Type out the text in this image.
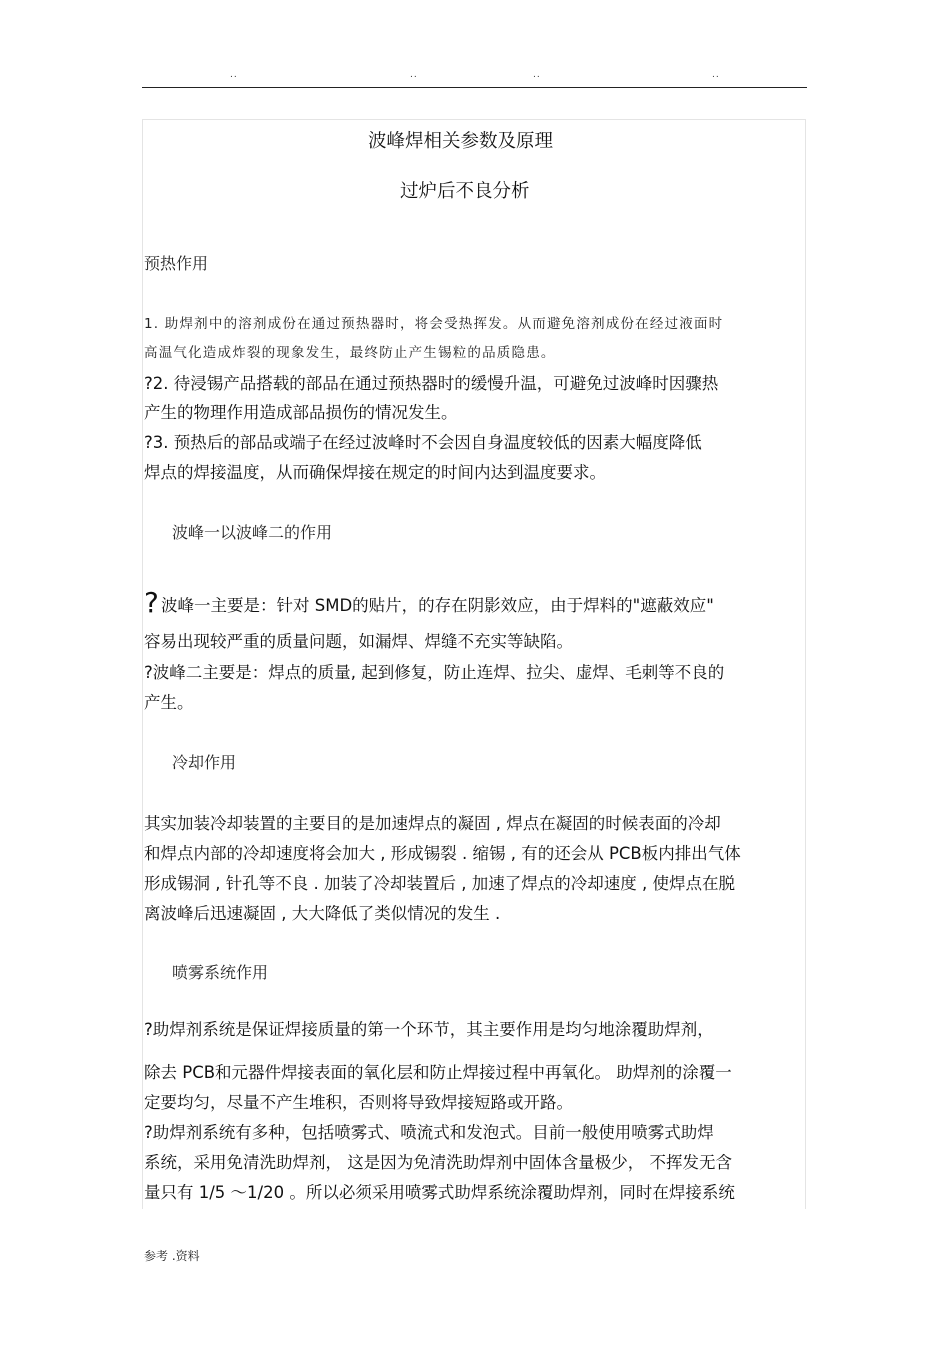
..	..	..	..
波峰焊相关参数及原理
过炉后不良分析
预热作用
1. 助焊剂中的溶剂成份在通过预热器时，将会受热挥发。从而避免溶剂成份在经过液面时
高温气化造成炸裂的现象发生，最终防止产生锡粒的品质隐患。
?2. 待浸锡产品搭载的部品在通过预热器时的缓慢升温，可避免过波峰时因骤热
产生的物理作用造成部品损伤的情况发生。
?3. 预热后的部品或端子在经过波峰时不会因自身温度较低的因素大幅度降低
焊点的焊接温度，从而确保焊接在规定的时间内达到温度要求。
波峰一以波峰二的作用
? 波峰一主要是：针对 SMD的贴片，的存在阴影效应，由于焊料的"遮蔽效应"
容易出现较严重的质量问题，如漏焊、焊缝不充实等缺陷。
?波峰二主要是：焊点的质量, 起到修复，防止连焊、拉尖、虚焊、毛刺等不良的
产生。
冷却作用
其实加装冷却装置的主要目的是加速焊点的凝固 , 焊点在凝固的时候表面的冷却
和焊点内部的冷却速度将会加大 , 形成锡裂 . 缩锡 , 有的还会从 PCB板内排出气体
形成锡洞 , 针孔等不良 . 加装了冷却装置后 , 加速了焊点的冷却速度 , 使焊点在脱
离波峰后迅速凝固 , 大大降低了类似情况的发生 .
喷雾系统作用
?助焊剂系统是保证焊接质量的第一个环节，其主要作用是均匀地涂覆助焊剂，
除去 PCB和元器件焊接表面的氧化层和防止焊接过程中再氧化。 助焊剂的涂覆一
定要均匀，尽量不产生堆积，否则将导致焊接短路或开路。
?助焊剂系统有多种，包括喷雾式、喷流式和发泡式。目前一般使用喷雾式助焊
系统，采用免清洗助焊剂， 这是因为免清洗助焊剂中固体含量极少， 不挥发无含
量只有 1/5 ～1/20 。所以必须采用喷雾式助焊系统涂覆助焊剂，同时在焊接系统
参考 .资料
